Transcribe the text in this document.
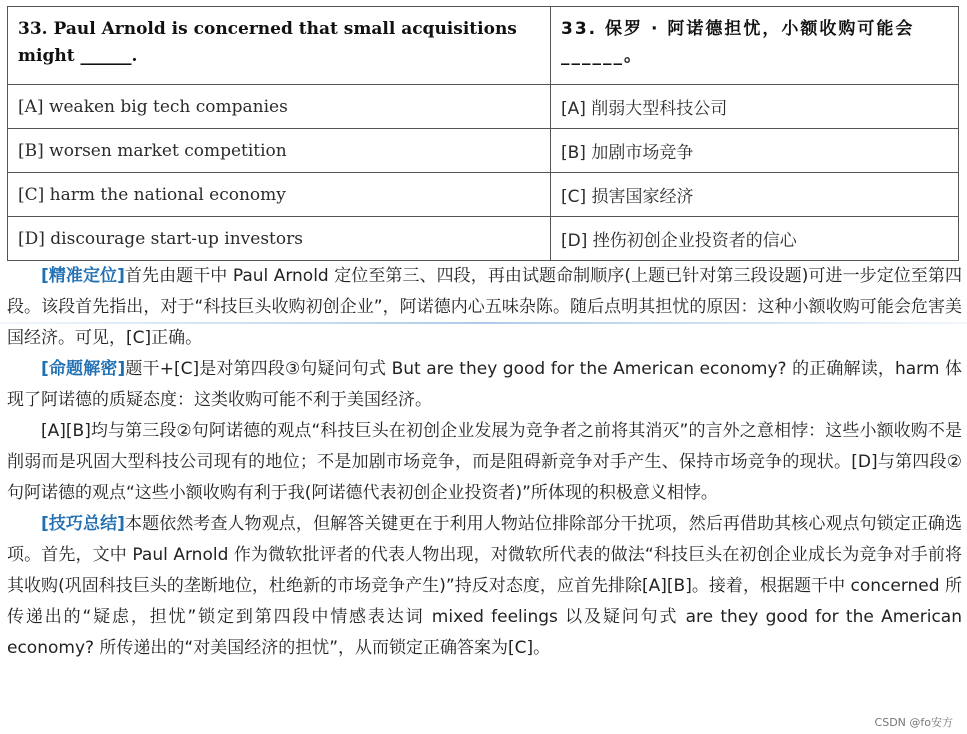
33. Paul Arnold is concerned that small acquisitions might ______.	33. 保罗 · 阿诺德担忧，小额收购可能会______。
[A] weaken big tech companies	[A] 削弱大型科技公司
[B] worsen market competition	[B] 加剧市场竞争
[C] harm the national economy	[C] 损害国家经济
[D] discourage start-up investors	[D] 挫伤初创企业投资者的信心

[精准定位]首先由题干中 Paul Arnold 定位至第三、四段，再由试题命制顺序(上题已针对第三段设题)可进一步定位至第四段。该段首先指出，对于“科技巨头收购初创企业”，阿诺德内心五味杂陈。随后点明其担忧的原因：这种小额收购可能会危害美国经济。可见，[C]正确。

[命题解密]题干+[C]是对第四段③句疑问句式 But are they good for the American economy? 的正确解读，harm 体现了阿诺德的质疑态度：这类收购可能不利于美国经济。

[A][B]均与第三段②句阿诺德的观点“科技巨头在初创企业发展为竞争者之前将其消灭”的言外之意相悖：这些小额收购不是削弱而是巩固大型科技公司现有的地位；不是加剧市场竞争，而是阻碍新竞争对手产生、保持市场竞争的现状。[D]与第四段②句阿诺德的观点“这些小额收购有利于我(阿诺德代表初创企业投资者)”所体现的积极意义相悖。

[技巧总结]本题依然考查人物观点，但解答关键更在于利用人物站位排除部分干扰项，然后再借助其核心观点句锁定正确选项。首先，文中 Paul Arnold 作为微软批评者的代表人物出现，对微软所代表的做法“科技巨头在初创企业成长为竞争对手前将其收购(巩固科技巨头的垄断地位，杜绝新的市场竞争产生)”持反对态度，应首先排除[A][B]。接着，根据题干中 concerned 所传递出的“疑虑，担忧”锁定到第四段中情感表达词 mixed feelings 以及疑问句式 are they good for the American economy? 所传递出的“对美国经济的担忧”，从而锁定正确答案为[C]。

CSDN @fo安方
